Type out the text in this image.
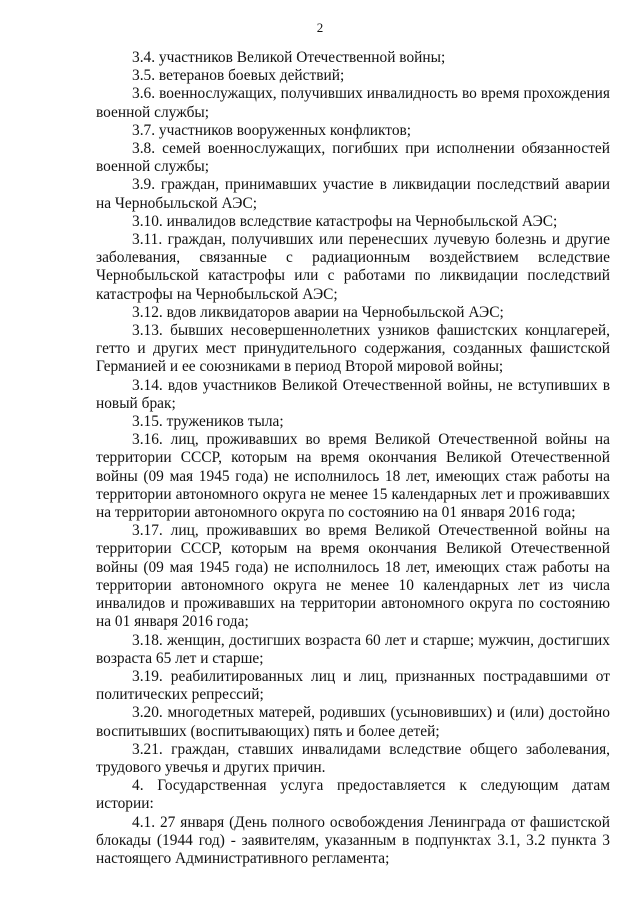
2

3.4. участников Великой Отечественной войны;

3.5. ветеранов боевых действий;

3.6. военнослужащих, получивших инвалидность во время прохождения военной службы;

3.7. участников вооруженных конфликтов;

3.8. семей военнослужащих, погибших при исполнении обязанностей военной службы;

3.9. граждан, принимавших участие в ликвидации последствий аварии на Чернобыльской АЭС;

3.10. инвалидов вследствие катастрофы на Чернобыльской АЭС;

3.11. граждан, получивших или перенесших лучевую болезнь и другие заболевания, связанные с радиационным воздействием вследствие Чернобыльской катастрофы или с работами по ликвидации последствий катастрофы на Чернобыльской АЭС;

3.12. вдов ликвидаторов аварии на Чернобыльской АЭС;

3.13. бывших несовершеннолетних узников фашистских концлагерей, гетто и других мест принудительного содержания, созданных фашистской Германией и ее союзниками в период Второй мировой войны;

3.14. вдов участников Великой Отечественной войны, не вступивших в новый брак;

3.15. тружеников тыла;

3.16. лиц, проживавших во время Великой Отечественной войны на территории СССР, которым на время окончания Великой Отечественной войны (09 мая 1945 года) не исполнилось 18 лет, имеющих стаж работы на территории автономного округа не менее 15 календарных лет и проживавших на территории автономного округа по состоянию на 01 января 2016 года;

3.17. лиц, проживавших во время Великой Отечественной войны на территории СССР, которым на время окончания Великой Отечественной войны (09 мая 1945 года) не исполнилось 18 лет, имеющих стаж работы на территории автономного округа не менее 10 календарных лет из числа инвалидов и проживавших на территории автономного округа по состоянию на 01 января 2016 года;

3.18. женщин, достигших возраста 60 лет и старше; мужчин, достигших возраста 65 лет и старше;

3.19. реабилитированных лиц и лиц, признанных пострадавшими от политических репрессий;

3.20. многодетных матерей, родивших (усыновивших) и (или) достойно воспитывших (воспитывающих) пять и более детей;

3.21. граждан, ставших инвалидами вследствие общего заболевания, трудового увечья и других причин.

4. Государственная услуга предоставляется к следующим датам истории:

4.1. 27 января (День полного освобождения Ленинграда от фашистской блокады (1944 год) - заявителям, указанным в подпунктах 3.1, 3.2 пункта 3 настоящего Административного регламента;
